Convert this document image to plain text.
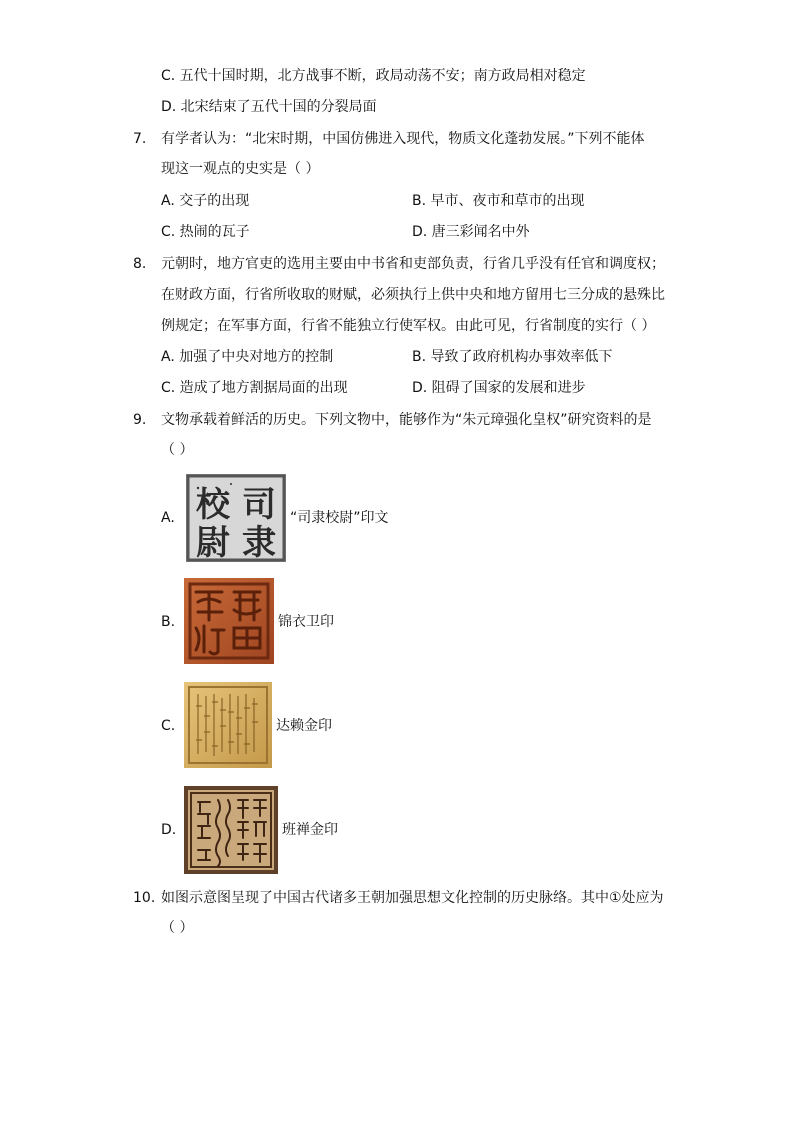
C. 五代十国时期，北方战事不断，政局动荡不安；南方政局相对稳定
D. 北宋结束了五代十国的分裂局面
7. 有学者认为：“北宋时期，中国仿佛进入现代，物质文化蓬勃发展。”下列不能体
现这一观点的史实是（ ）
A. 交子的出现	B. 早市、夜市和草市的出现
C. 热闹的瓦子	D. 唐三彩闻名中外
8. 元朝时，地方官吏的选用主要由中书省和吏部负责，行省几乎没有任官和调度权；
在财政方面，行省所收取的财赋，必须执行上供中央和地方留用七三分成的悬殊比
例规定；在军事方面，行省不能独立行使军权。由此可见，行省制度的实行（ ）
A. 加强了中央对地方的控制	B. 导致了政府机构办事效率低下
C. 造成了地方割据局面的出现	D. 阻碍了国家的发展和进步
9. 文物承载着鲜活的历史。下列文物中，能够作为“朱元璋强化皇权”研究资料的是
（ ）
A. 司
隶
校
尉
“司隶校尉”印文
B.	锦衣卫印
C.	达赖金印
D.	班禅金印
10. 如图示意图呈现了中国古代诸多王朝加强思想文化控制的历史脉络。其中①处应为
（ ）
